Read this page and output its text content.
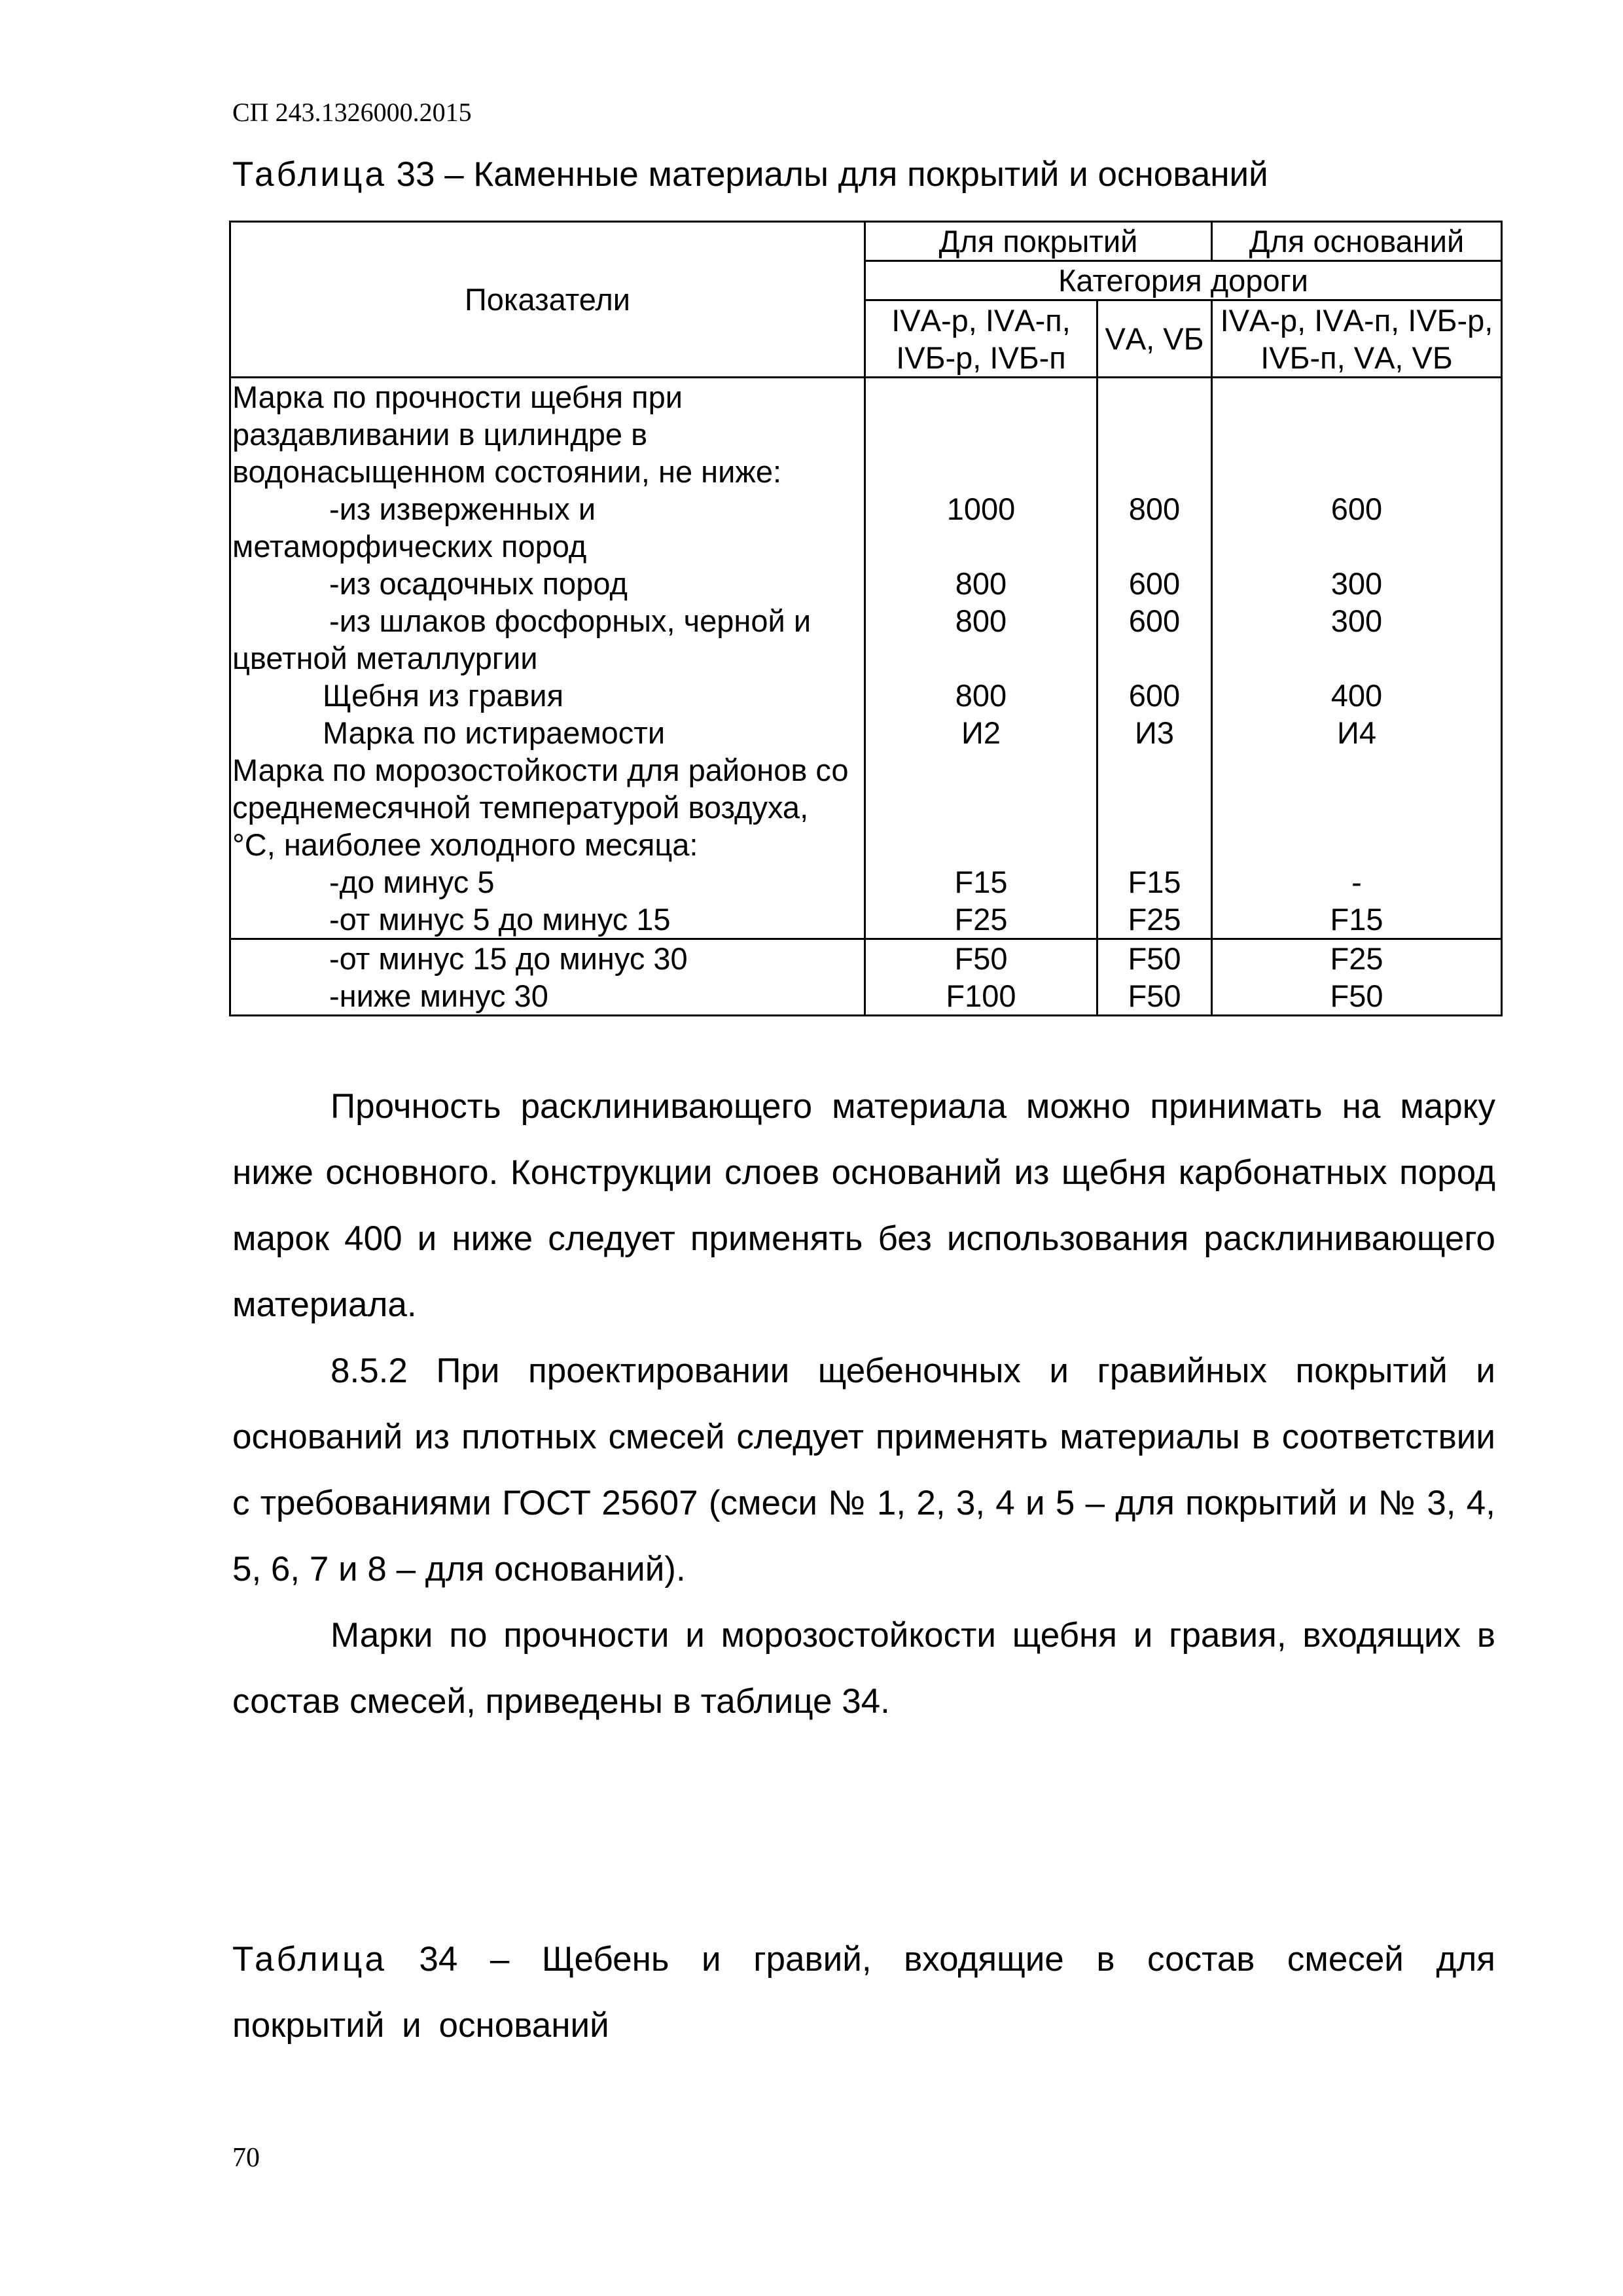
СП 243.1326000.2015
Таблица 33 – Каменные материалы для покрытий и оснований
Показатели	Для покрытий		Для оснований
	Категория дороги		
	IVА-р, IVА-п, IVБ-р, IVБ-п	VА, VБ	IVА-р, IVА-п, IVБ-р, IVБ-п, VА, VБ
Марка по прочности щебня при раздавливании в цилиндре в водонасыщенном состоянии, не ниже:			

-из изверженных и метаморфических пород	1000	800	600
-из осадочных пород	800	600	300

-из шлаков фосфорных, черной и цветной металлургии	800	600	300
Щебня из гравия	800	600	400
Марка по истираемости	И2	И3	И4
Марка по морозостойкости для районов со среднемесячной температурой воздуха, °С, наиболее холодного месяца:			
-до минус 5	F15	F15	-
-от минус 5 до минус 15	F25	F25	F15
-от минус 15 до минус 30	F50	F50	F25
-ниже минус 30	F100	F50	F50
Прочность расклинивающего материала можно принимать на марку ниже основного. Конструкции слоев оснований из щебня карбонатных пород марок 400 и ниже следует применять без использования расклинивающего материала.
8.5.2 При проектировании щебеночных и гравийных покрытий и оснований из плотных смесей следует применять материалы в соответствии с требованиями ГОСТ 25607 (смеси № 1, 2, 3, 4 и 5 – для покрытий и № 3, 4, 5, 6, 7 и 8 – для оснований).
Марки по прочности и морозостойкости щебня и гравия, входящих в состав смесей, приведены в таблице 34.
Таблица 34 – Щебень и гравий, входящие в состав смесей для покрытий и оснований
70
